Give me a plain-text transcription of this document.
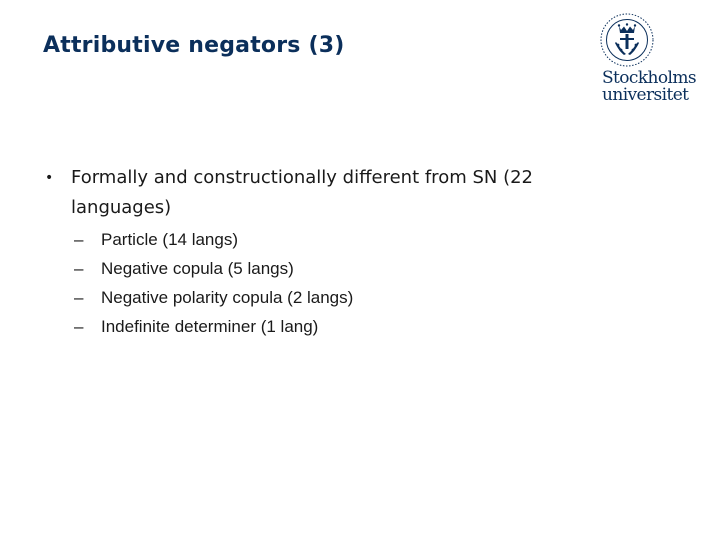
Attributive negators (3)
Stockholms
universitet
• Formally and constructionally different from SN (22 languages)
– Particle (14 langs)
– Negative copula (5 langs)
– Negative polarity copula (2 langs)
– Indefinite determiner (1 lang)
